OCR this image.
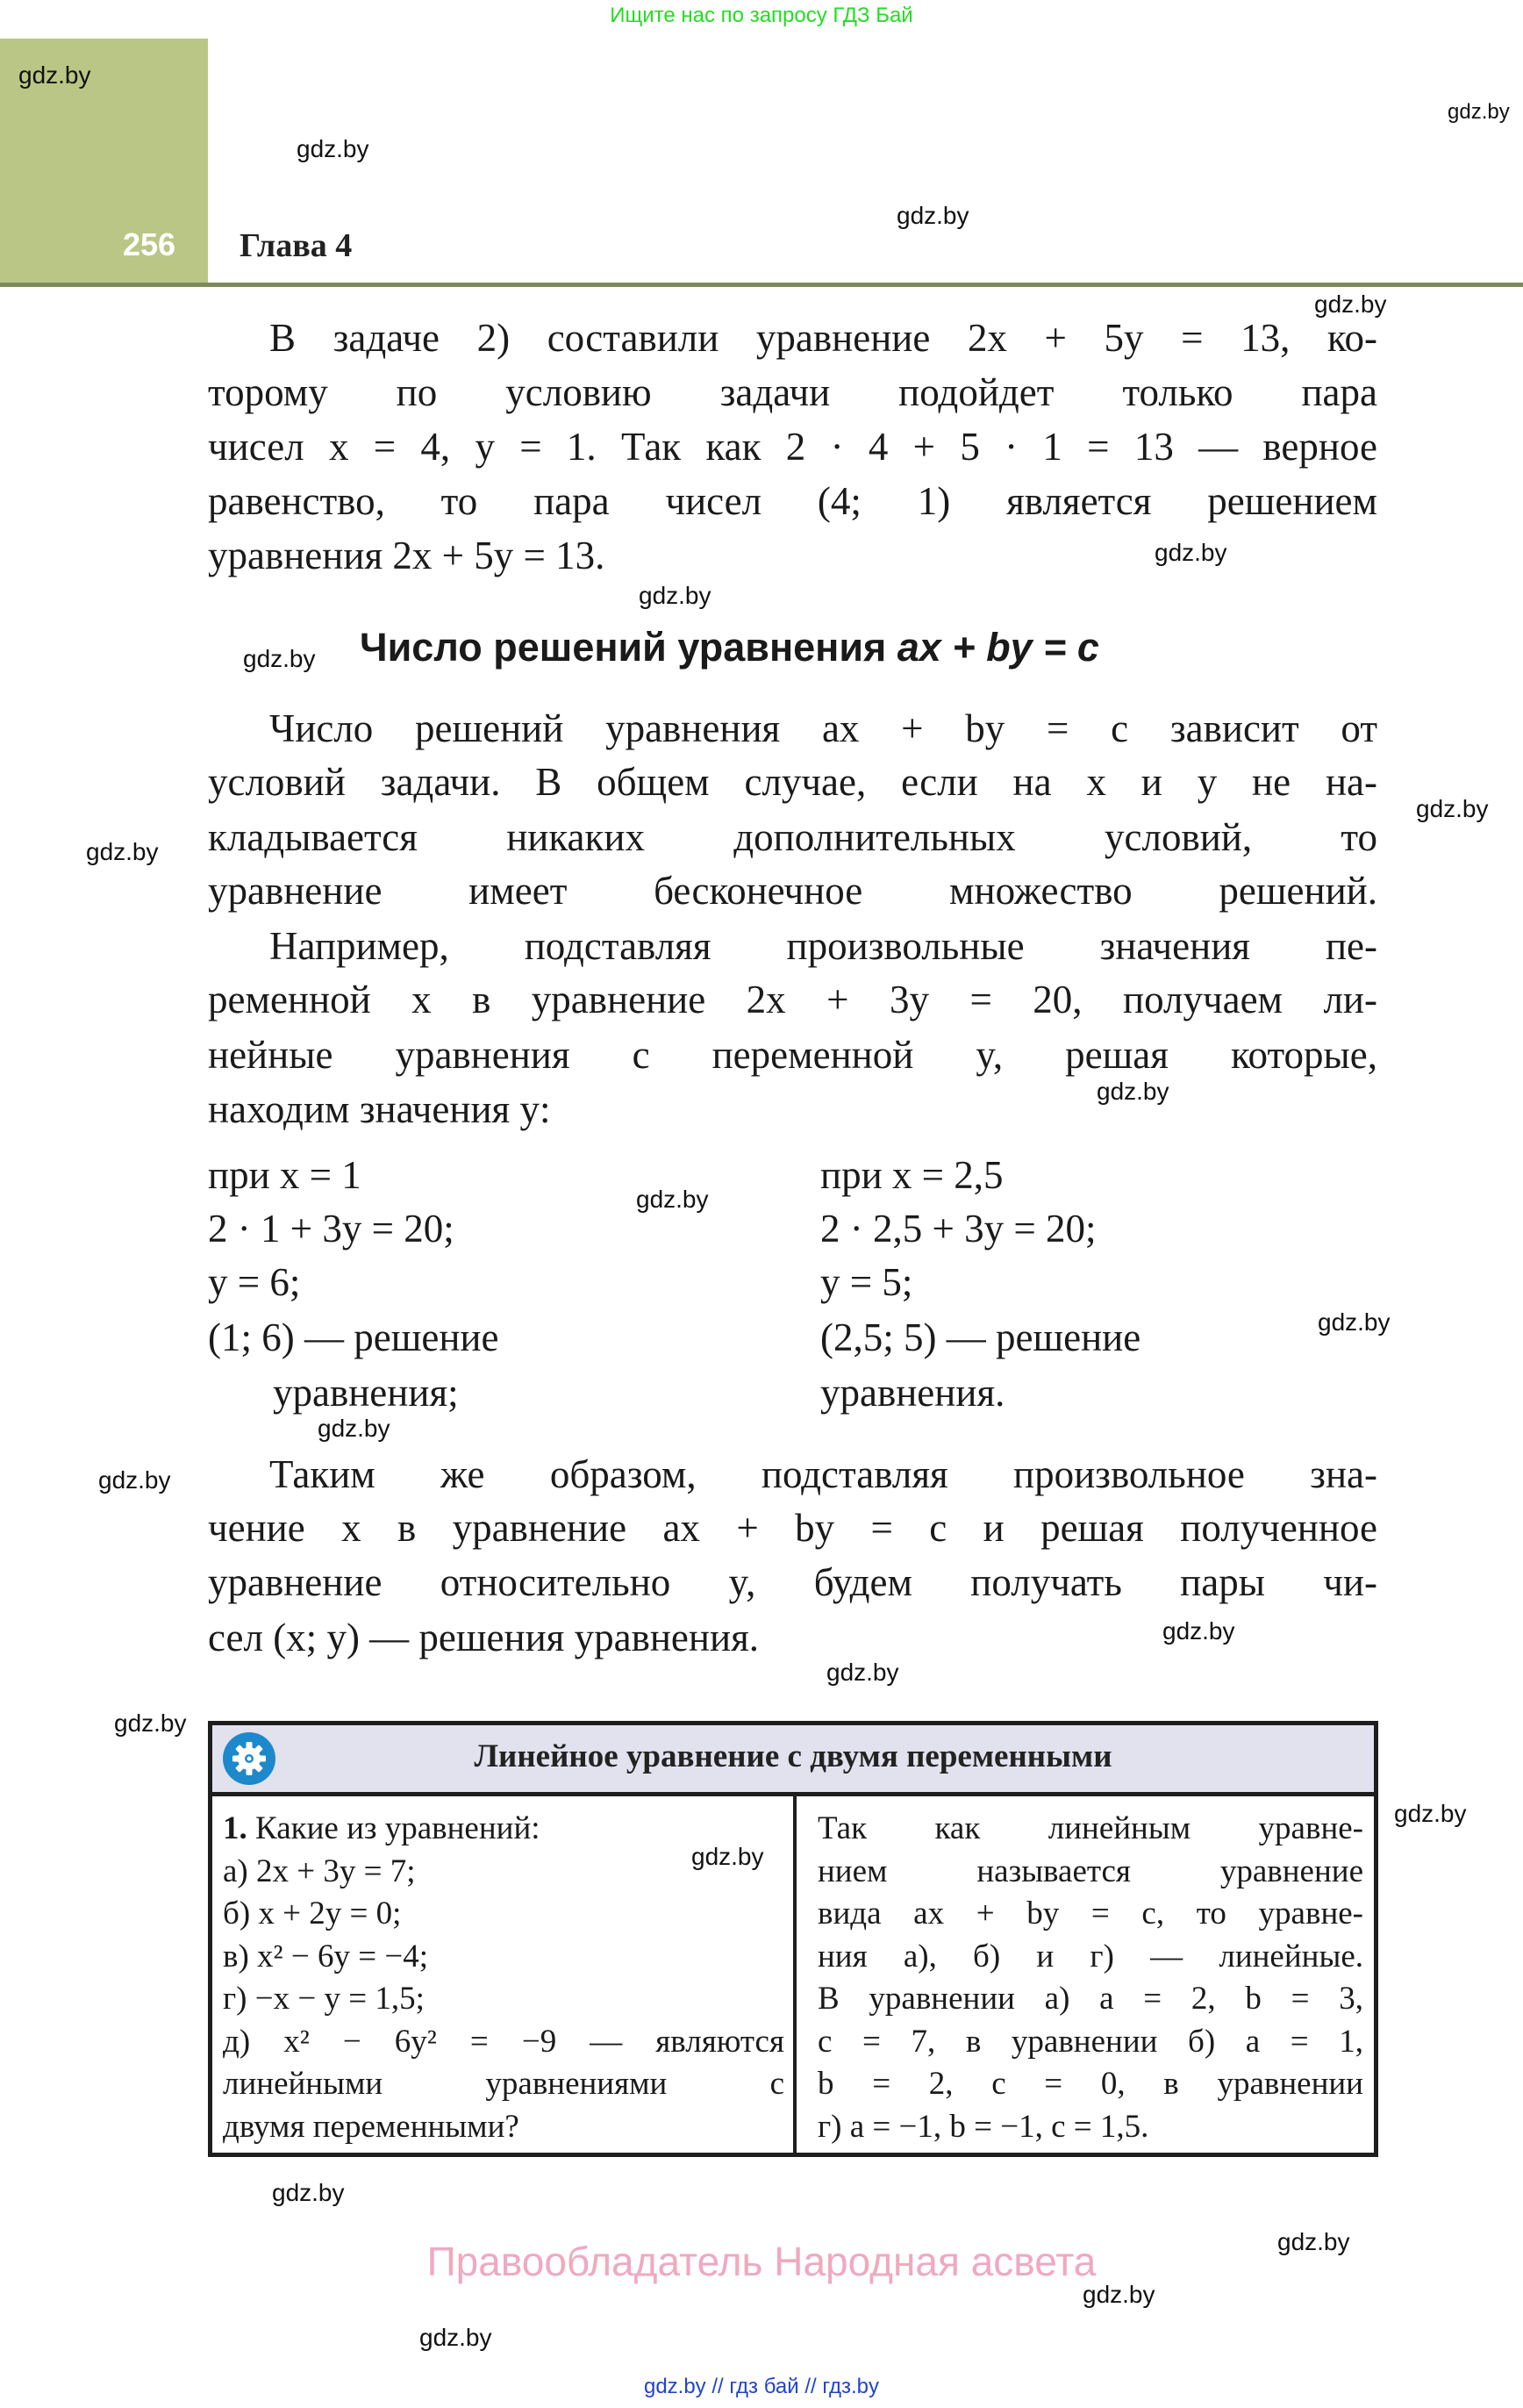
Ищите нас по запросу ГДЗ Бай
256 Глава 4
В задаче 2) составили уравнение 2x + 5y = 13, ко-
торому по условию задачи подойдет только пара
чисел x = 4, y = 1. Так как 2 · 4 + 5 · 1 = 13 — верное
равенство, то пара чисел (4; 1) является решением
уравнения 2x + 5y = 13.
Число решений уравнения ax + by = c
Число решений уравнения ax + by = c зависит от
условий задачи. В общем случае, если на x и y не на-
кладывается никаких дополнительных условий, то
уравнение имеет бесконечное множество решений.
Например, подставляя произвольные значения пе-
ременной x в уравнение 2x + 3y = 20, получаем ли-
нейные уравнения с переменной y, решая которые,
находим значения y:
при x = 1
2 · 1 + 3y = 20;
y = 6;
(1; 6) — решение
уравнения;
при x = 2,5
2 · 2,5 + 3y = 20;
y = 5;
(2,5; 5) — решение
уравнения.
Таким же образом, подставляя произвольное зна-
чение x в уравнение ax + by = c и решая полученное
уравнение относительно y, будем получать пары чи-
сел (x; y) — решения уравнения.
Линейное уравнение с двумя переменными
1. Какие из уравнений:
а) 2x + 3y = 7;
б) x + 2y = 0;
в) x² − 6y = −4;
г) −x − y = 1,5;
д) x² − 6y² = −9 — являются
линейными уравнениями с
двумя переменными?
Так как линейным уравне-
нием называется уравнение
вида ax + by = c, то уравне-
ния а), б) и г) — линейные.
В уравнении а) a = 2, b = 3,
c = 7, в уравнении б) a = 1,
b = 2, c = 0, в уравнении
г) a = −1, b = −1, c = 1,5.
Правообладатель Народная асвета
gdz.by // гдз бай // гдз.by
gdz.by
gdz.by
gdz.by
gdz.by
gdz.by
gdz.by
gdz.by
gdz.by
gdz.by
gdz.by
gdz.by
gdz.by
gdz.by
gdz.by
gdz.by
gdz.by
gdz.by
gdz.by
gdz.by
gdz.by
gdz.by
gdz.by
gdz.by
gdz.by
